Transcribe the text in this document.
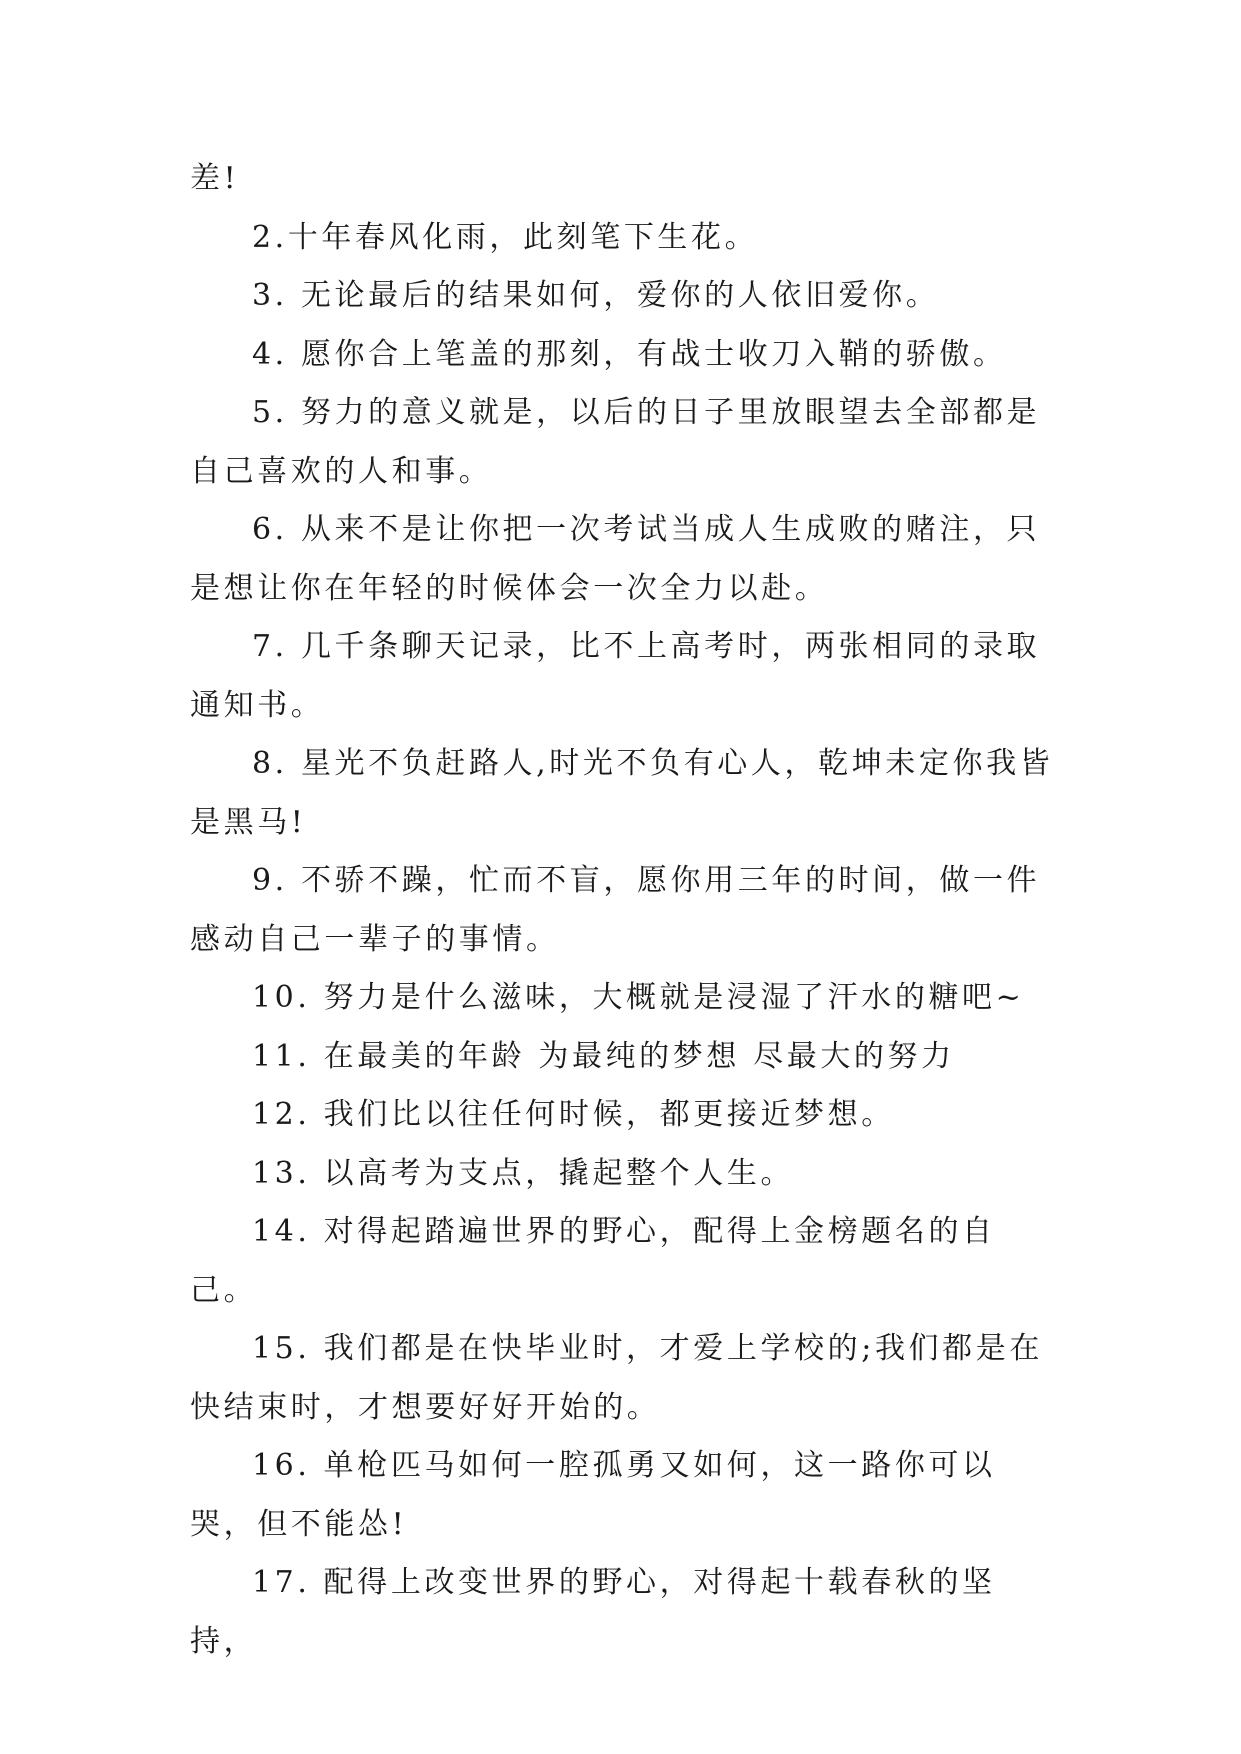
差!

2.十年春风化雨，此刻笔下生花。

3. 无论最后的结果如何，爱你的人依旧爱你。

4. 愿你合上笔盖的那刻，有战士收刀入鞘的骄傲。

5. 努力的意义就是，以后的日子里放眼望去全部都是自己喜欢的人和事。

6. 从来不是让你把一次考试当成人生成败的赌注，只是想让你在年轻的时候体会一次全力以赴。

7. 几千条聊天记录，比不上高考时，两张相同的录取通知书。

8. 星光不负赶路人,时光不负有心人，乾坤未定你我皆是黑马!

9. 不骄不躁，忙而不盲，愿你用三年的时间，做一件感动自己一辈子的事情。

10. 努力是什么滋味，大概就是浸湿了汗水的糖吧~

11. 在最美的年龄 为最纯的梦想 尽最大的努力

12. 我们比以往任何时候，都更接近梦想。

13. 以高考为支点，撬起整个人生。

14. 对得起踏遍世界的野心，配得上金榜题名的自己。

15. 我们都是在快毕业时，才爱上学校的;我们都是在快结束时，才想要好好开始的。

16. 单枪匹马如何一腔孤勇又如何，这一路你可以哭，但不能怂!

17. 配得上改变世界的野心，对得起十载春秋的坚持，
